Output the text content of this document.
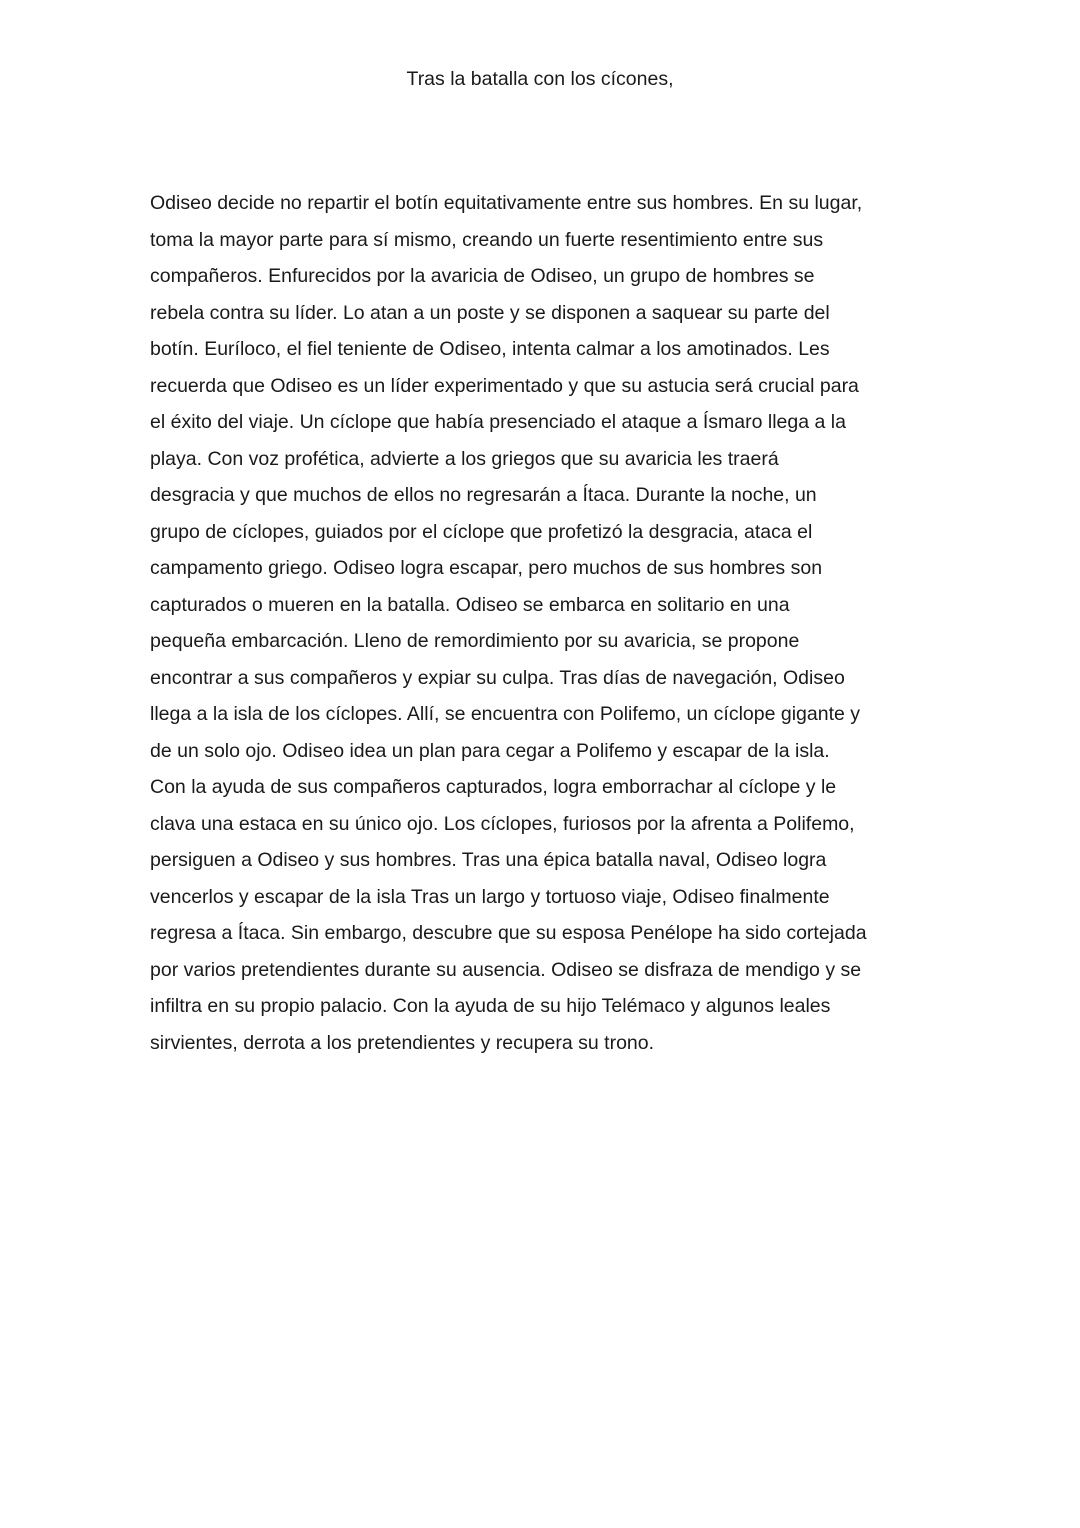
Tras la batalla con los cícones,

Odiseo decide no repartir el botín equitativamente entre sus hombres. En su lugar,
toma la mayor parte para sí mismo, creando un fuerte resentimiento entre sus
compañeros. Enfurecidos por la avaricia de Odiseo, un grupo de hombres se
rebela contra su líder. Lo atan a un poste y se disponen a saquear su parte del
botín. Euríloco, el fiel teniente de Odiseo, intenta calmar a los amotinados. Les
recuerda que Odiseo es un líder experimentado y que su astucia será crucial para
el éxito del viaje. Un cíclope que había presenciado el ataque a Ísmaro llega a la
playa. Con voz profética, advierte a los griegos que su avaricia les traerá
desgracia y que muchos de ellos no regresarán a Ítaca. Durante la noche, un
grupo de cíclopes, guiados por el cíclope que profetizó la desgracia, ataca el
campamento griego. Odiseo logra escapar, pero muchos de sus hombres son
capturados o mueren en la batalla. Odiseo se embarca en solitario en una
pequeña embarcación. Lleno de remordimiento por su avaricia, se propone
encontrar a sus compañeros y expiar su culpa. Tras días de navegación, Odiseo
llega a la isla de los cíclopes. Allí, se encuentra con Polifemo, un cíclope gigante y
de un solo ojo. Odiseo idea un plan para cegar a Polifemo y escapar de la isla.
Con la ayuda de sus compañeros capturados, logra emborrachar al cíclope y le
clava una estaca en su único ojo. Los cíclopes, furiosos por la afrenta a Polifemo,
persiguen a Odiseo y sus hombres. Tras una épica batalla naval, Odiseo logra
vencerlos y escapar de la isla Tras un largo y tortuoso viaje, Odiseo finalmente
regresa a Ítaca. Sin embargo, descubre que su esposa Penélope ha sido cortejada
por varios pretendientes durante su ausencia. Odiseo se disfraza de mendigo y se
infiltra en su propio palacio. Con la ayuda de su hijo Telémaco y algunos leales
sirvientes, derrota a los pretendientes y recupera su trono.
